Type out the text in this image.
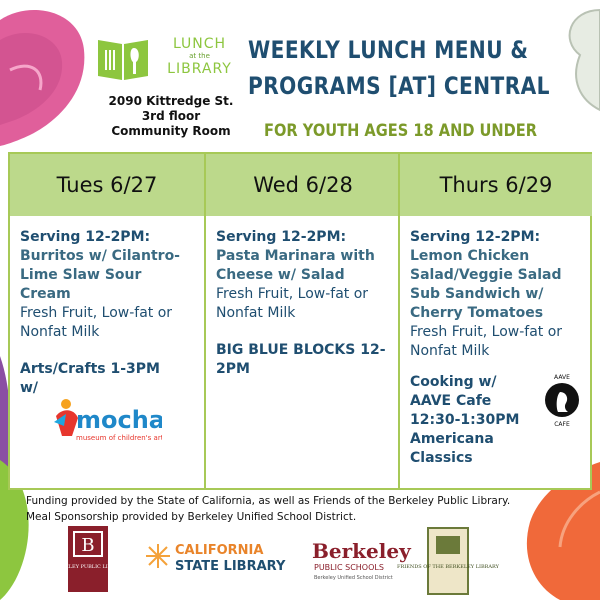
LUNCH
at the
LIBRARY
2090 Kittredge St.
3rd floor
Community Room
WEEKLY LUNCH MENU &
PROGRAMS [AT] CENTRAL
FOR YOUTH AGES 18 AND UNDER
Tues 6/27
Serving 12-2PM:
Burritos w/ Cilantro-Lime Slaw Sour Cream
Fresh Fruit, Low-fat or Nonfat Milk
Arts/Crafts 1-3PM w/
Wed 6/28
Serving 12-2PM:
Pasta Marinara with Cheese w/ Salad
Fresh Fruit, Low-fat or Nonfat Milk
BIG BLUE BLOCKS 12-2PM
Thurs 6/29
Serving 12-2PM:
Lemon Chicken Salad/Veggie Salad Sub Sandwich w/ Cherry Tomatoes
Fresh Fruit, Low-fat or Nonfat Milk
Cooking w/ AAVE Cafe 12:30-1:30PM Americana Classics
mocha
museum of children's art
AAVE
CAFE
Funding provided by the State of California, as well as Friends of the Berkeley Public Library.
Meal Sponsorship provided by Berkeley Unified School District.
B
BERKELEY PUBLIC LIBRARY
CALIFORNIA
STATE LIBRARY
Berkeley
PUBLIC SCHOOLS
Berkeley Unified School District
FRIENDS OF THE BERKELEY LIBRARY
